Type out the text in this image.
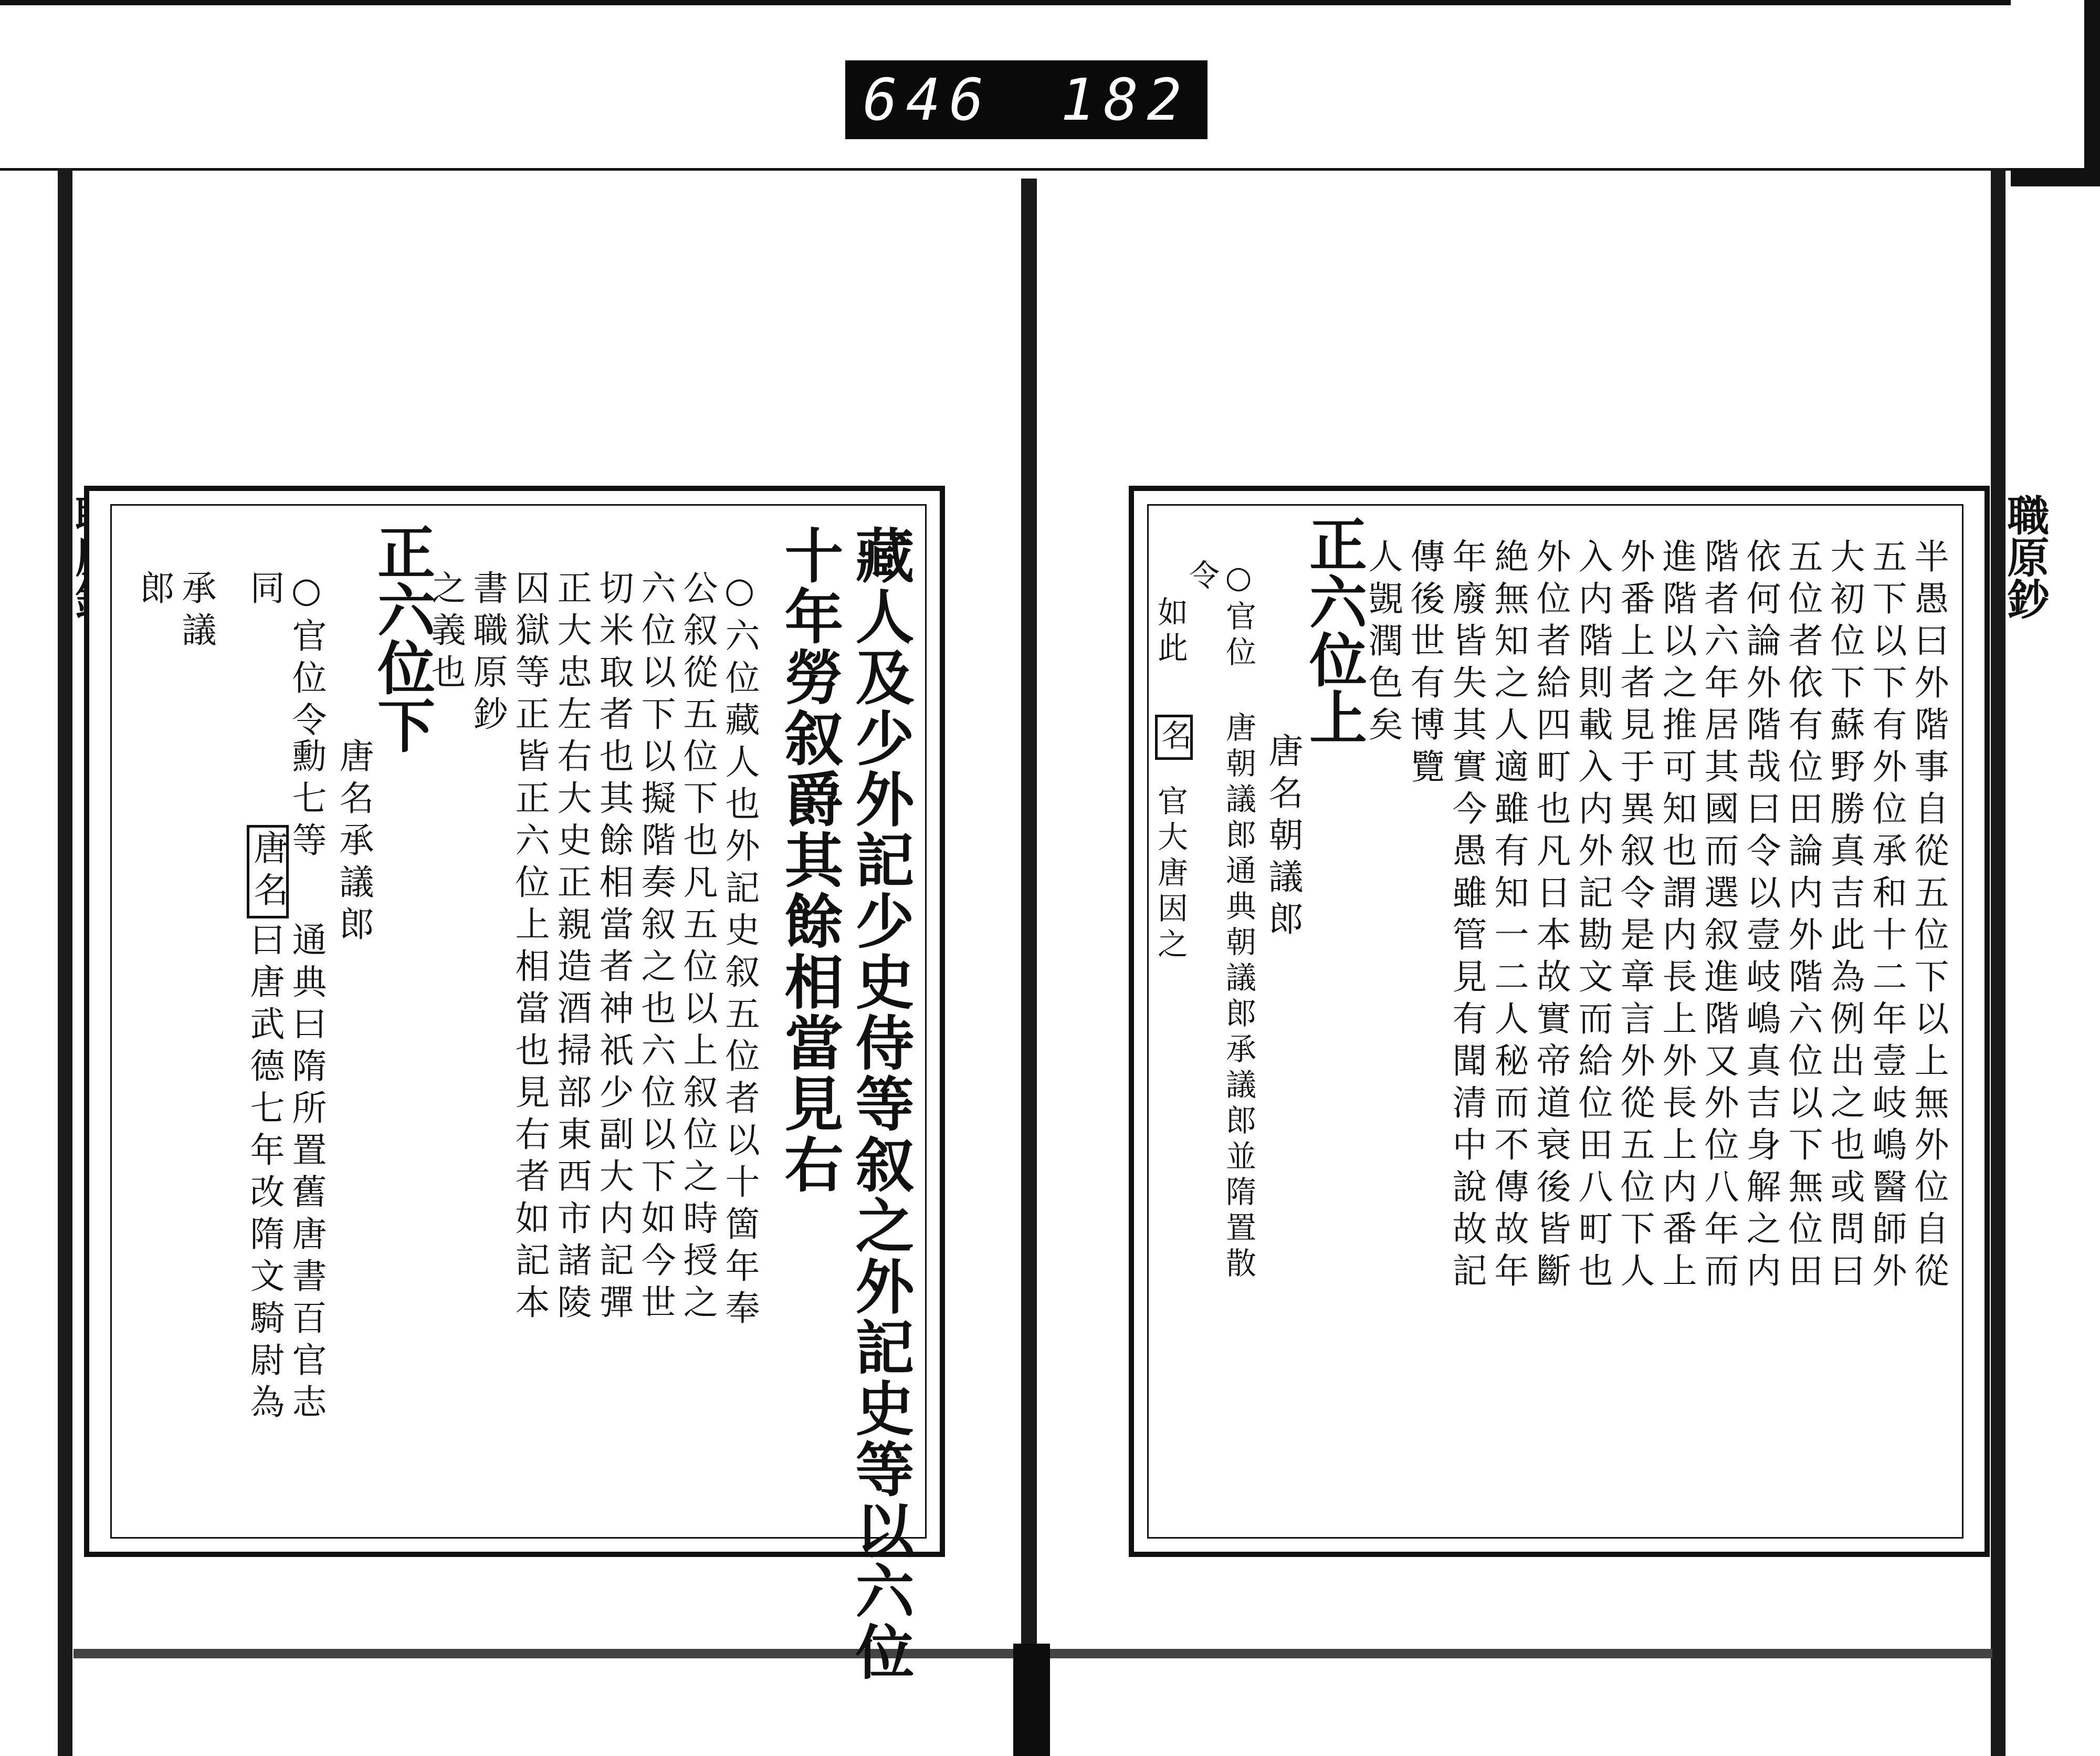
646 182
職原鈔
藏人及少外記少史侍等叙之外記史等以六位
十年勞叙爵其餘相當見右
○六位藏人也外記史叙五位者以十箇年奉
公叙從五位下也凡五位以上叙位之時授之
六位以下以擬階奏叙之也六位以下如今世
切米取者也其餘相當者神祇少副大内記彈
正大忠左右大史正親造酒掃部東西市諸陵
囚獄等正皆正六位上相當也見右者如記本
書職原鈔
之義也
正六位下
唐名承議郎
○官位令
同
勳七等
唐名
通典曰隋所置舊唐書百官志
曰唐武德七年改隋文騎尉為
承議
郎	半愚曰外階事自從五位下以上無外位自從
五下以下有外位承和十二年壹岐嶋醫師外
大初位下蘇野勝真吉此為例出之也或問曰
五位者依有位田論内外階六位以下無位田
依何論外階哉曰令以壹岐嶋真吉身解之内
階者六年居其國而選叙進階又外位八年而
進階以之推可知也謂内長上外長上内番上
外番上者見于異叙令是章言外從五位下人
入内階則載入内外記勘文而給位田八町也
外位者給四町也凡日本故實帝道衰後皆斷
絶無知之人適雖有知一二人秘而不傳故年
年廢皆失其實今愚雖管見有聞清中說故記
傳後世有博覽
人覬潤色矣
正六位上
唐名朝議郎
○官位
唐朝議郎通典朝議郎承議郎並隋置散
令
如此
名
官大唐因之
